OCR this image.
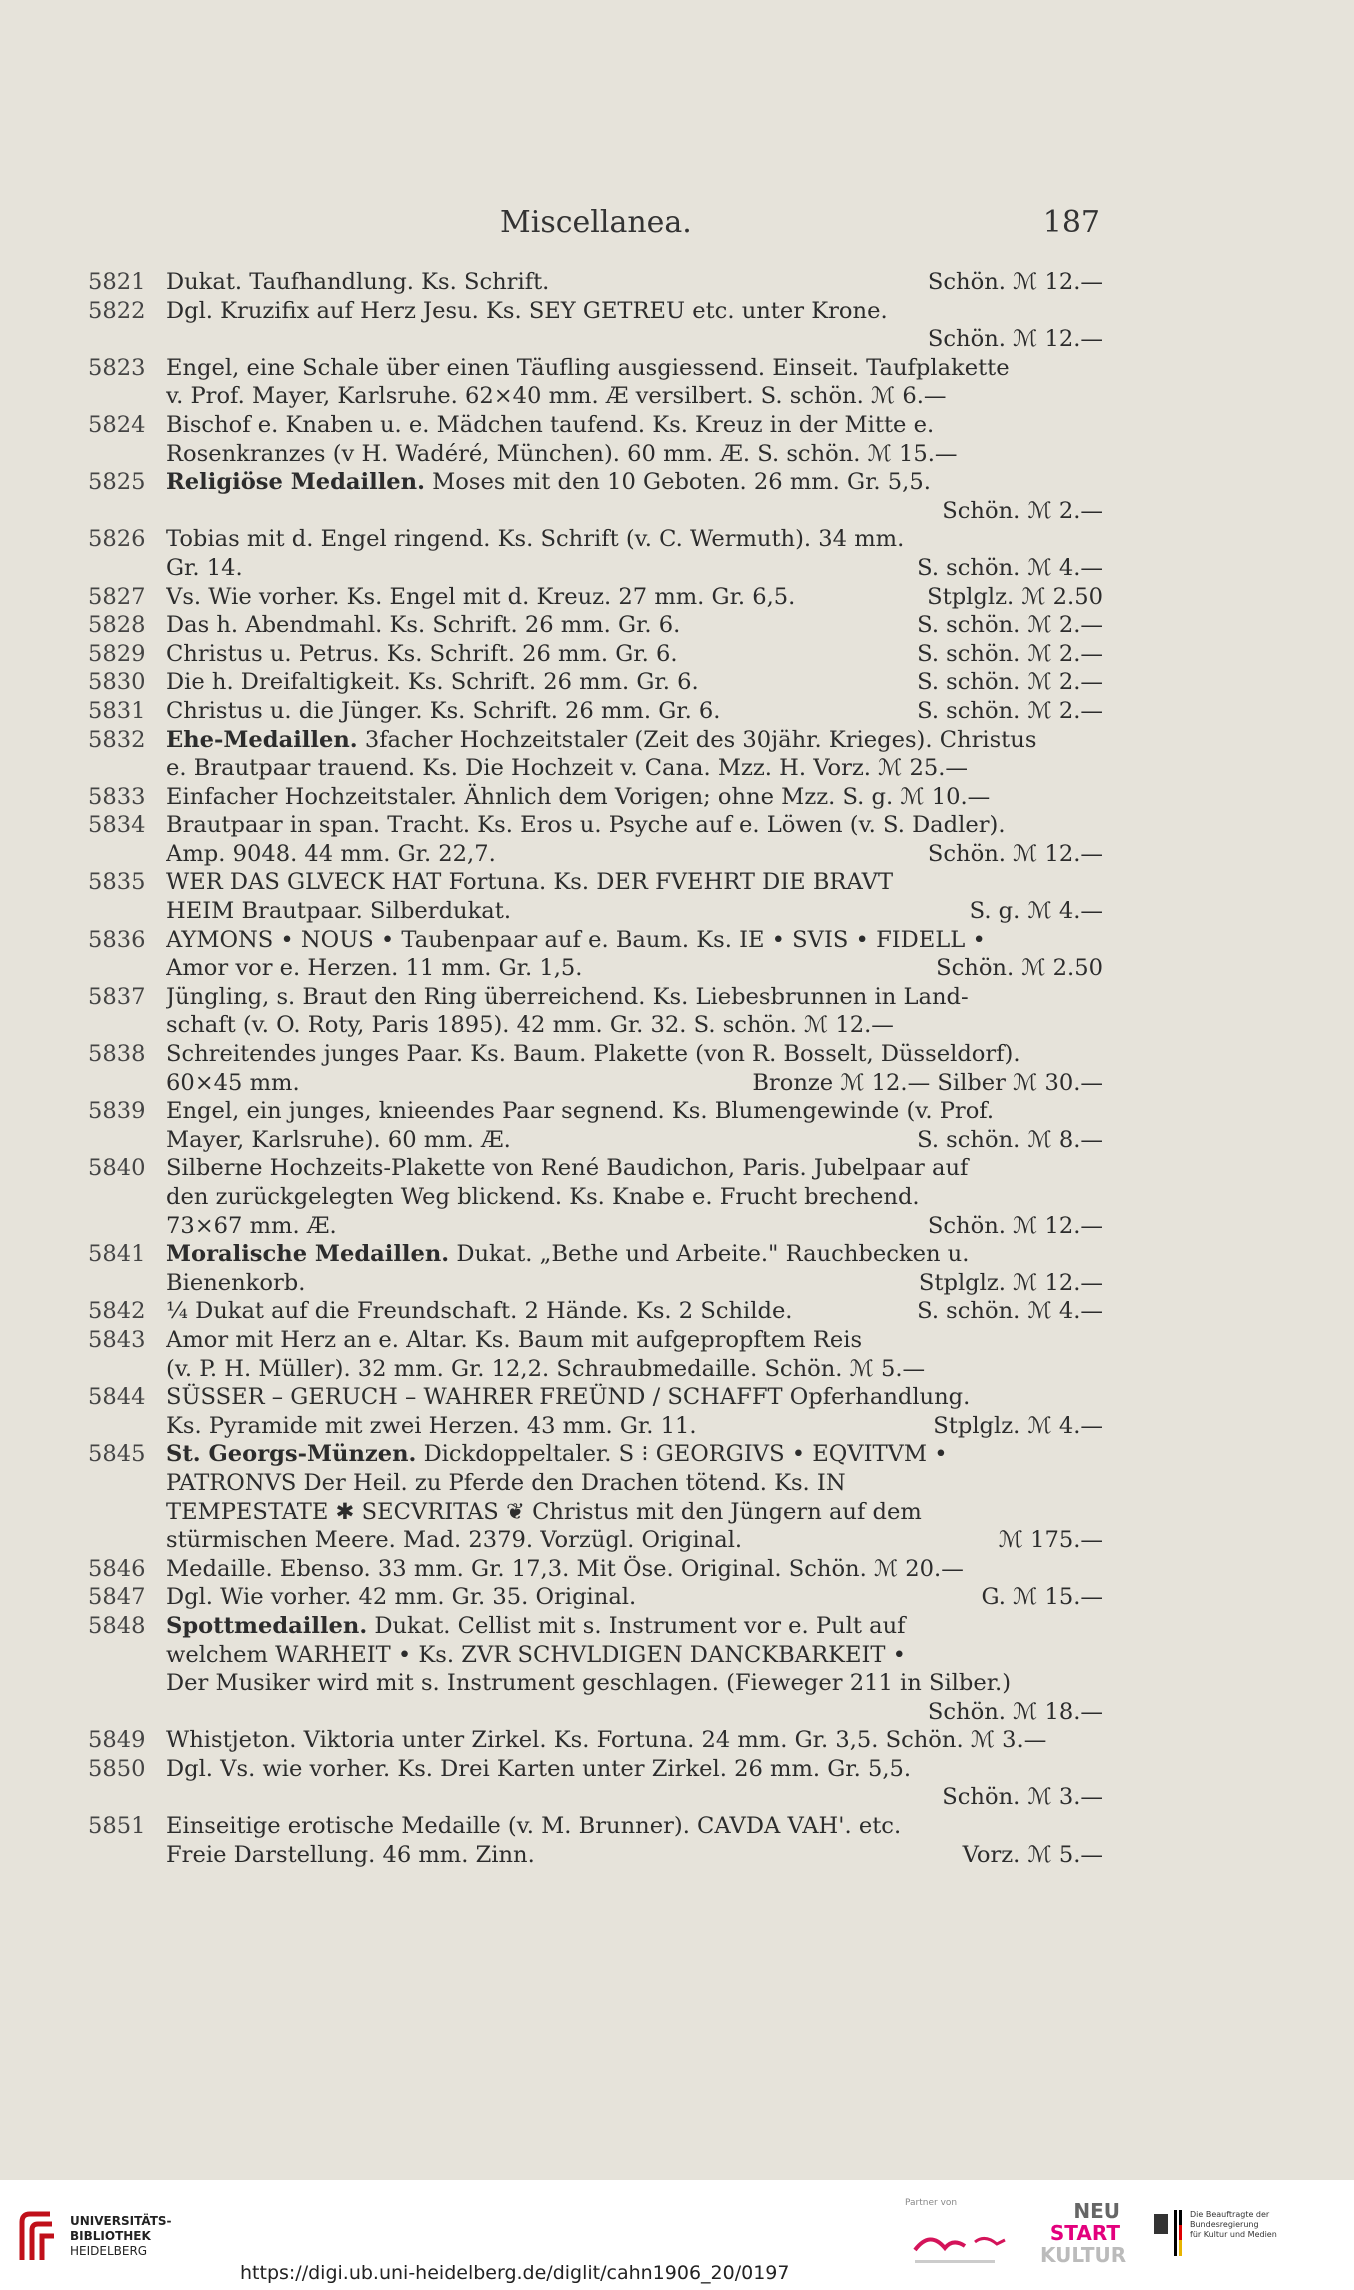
Miscellanea.	187
5821 Dukat. Taufhandlung. Ks. Schrift.	Schön. ℳ 12.—
5822 Dgl. Kruzifix auf Herz Jesu. Ks. SEY GETREU etc. unter Krone.
Schön. ℳ 12.—
5823 Engel, eine Schale über einen Täufling ausgiessend. Einseit. Taufplakette
v. Prof. Mayer, Karlsruhe. 62×40 mm. Æ versilbert. S. schön. ℳ 6.—
5824 Bischof e. Knaben u. e. Mädchen taufend. Ks. Kreuz in der Mitte e.
Rosenkranzes (v H. Wadéré, München). 60 mm. Æ. S. schön. ℳ 15.—
5825 Religiöse Medaillen. Moses mit den 10 Geboten. 26 mm. Gr. 5,5.
Schön. ℳ 2.—
5826 Tobias mit d. Engel ringend. Ks. Schrift (v. C. Wermuth). 34 mm.
Gr. 14.	S. schön. ℳ 4.—
5827 Vs. Wie vorher. Ks. Engel mit d. Kreuz. 27 mm. Gr. 6,5.	Stplglz. ℳ 2.50
5828 Das h. Abendmahl. Ks. Schrift. 26 mm. Gr. 6.	S. schön. ℳ 2.—
5829 Christus u. Petrus. Ks. Schrift. 26 mm. Gr. 6.	S. schön. ℳ 2.—
5830 Die h. Dreifaltigkeit. Ks. Schrift. 26 mm. Gr. 6.	S. schön. ℳ 2.—
5831 Christus u. die Jünger. Ks. Schrift. 26 mm. Gr. 6.	S. schön. ℳ 2.—
5832 Ehe-Medaillen. 3facher Hochzeitstaler (Zeit des 30jähr. Krieges). Christus
e. Brautpaar trauend. Ks. Die Hochzeit v. Cana. Mzz. H. Vorz. ℳ 25.—
5833 Einfacher Hochzeitstaler. Ähnlich dem Vorigen; ohne Mzz. S. g. ℳ 10.—
5834 Brautpaar in span. Tracht. Ks. Eros u. Psyche auf e. Löwen (v. S. Dadler).
Amp. 9048. 44 mm. Gr. 22,7.	Schön. ℳ 12.—
5835 WER DAS GLVECK HAT Fortuna. Ks. DER FVEHRT DIE BRAVT
HEIM Brautpaar. Silberdukat.	S. g. ℳ 4.—
5836 AYMONS • NOUS • Taubenpaar auf e. Baum. Ks. IE • SVIS • FIDELL •
Amor vor e. Herzen. 11 mm. Gr. 1,5.	Schön. ℳ 2.50
5837 Jüngling, s. Braut den Ring überreichend. Ks. Liebesbrunnen in Land-
schaft (v. O. Roty, Paris 1895). 42 mm. Gr. 32. S. schön. ℳ 12.—
5838 Schreitendes junges Paar. Ks. Baum. Plakette (von R. Bosselt, Düsseldorf).
60×45 mm.	Bronze ℳ 12.— Silber ℳ 30.—
5839 Engel, ein junges, knieendes Paar segnend. Ks. Blumengewinde (v. Prof.
Mayer, Karlsruhe). 60 mm. Æ.	S. schön. ℳ 8.—
5840 Silberne Hochzeits-Plakette von René Baudichon, Paris. Jubelpaar auf
den zurückgelegten Weg blickend. Ks. Knabe e. Frucht brechend.
73×67 mm. Æ.	Schön. ℳ 12.—
5841 Moralische Medaillen. Dukat. „Bethe und Arbeite." Rauchbecken u.
Bienenkorb.	Stplglz. ℳ 12.—
5842 ¼ Dukat auf die Freundschaft. 2 Hände. Ks. 2 Schilde.	S. schön. ℳ 4.—
5843 Amor mit Herz an e. Altar. Ks. Baum mit aufgepropftem Reis
(v. P. H. Müller). 32 mm. Gr. 12,2. Schraubmedaille. Schön. ℳ 5.—
5844 SÜSSER – GERUCH – WAHRER FREÜND / SCHAFFT Opferhandlung.
Ks. Pyramide mit zwei Herzen. 43 mm. Gr. 11.	Stplglz. ℳ 4.—
5845 St. Georgs-Münzen. Dickdoppeltaler. S ⁝ GEORGIVS • EQVITVM •
PATRONVS Der Heil. zu Pferde den Drachen tötend. Ks. IN
TEMPESTATE ✱ SECVRITAS ❦ Christus mit den Jüngern auf dem
stürmischen Meere. Mad. 2379. Vorzügl. Original.	ℳ 175.—
5846 Medaille. Ebenso. 33 mm. Gr. 17,3. Mit Öse. Original. Schön. ℳ 20.—
5847 Dgl. Wie vorher. 42 mm. Gr. 35. Original.	G. ℳ 15.—
5848 Spottmedaillen. Dukat. Cellist mit s. Instrument vor e. Pult auf
welchem WARHEIT • Ks. ZVR SCHVLDIGEN DANCKBARKEIT •
Der Musiker wird mit s. Instrument geschlagen. (Fieweger 211 in Silber.)
Schön. ℳ 18.—
5849 Whistjeton. Viktoria unter Zirkel. Ks. Fortuna. 24 mm. Gr. 3,5. Schön. ℳ 3.—
5850 Dgl. Vs. wie vorher. Ks. Drei Karten unter Zirkel. 26 mm. Gr. 5,5.
Schön. ℳ 3.—
5851 Einseitige erotische Medaille (v. M. Brunner). CAVDA VAH'. etc.
Freie Darstellung. 46 mm. Zinn.	Vorz. ℳ 5.—
UNIVERSITÄTS-
BIBLIOTHEK
HEIDELBERG
https://digi.ub.uni-heidelberg.de/diglit/cahn1906_20/0197
Partner von	NEU
START
KULTUR
Die Beauftragte der Bundesregierung
für Kultur und Medien
